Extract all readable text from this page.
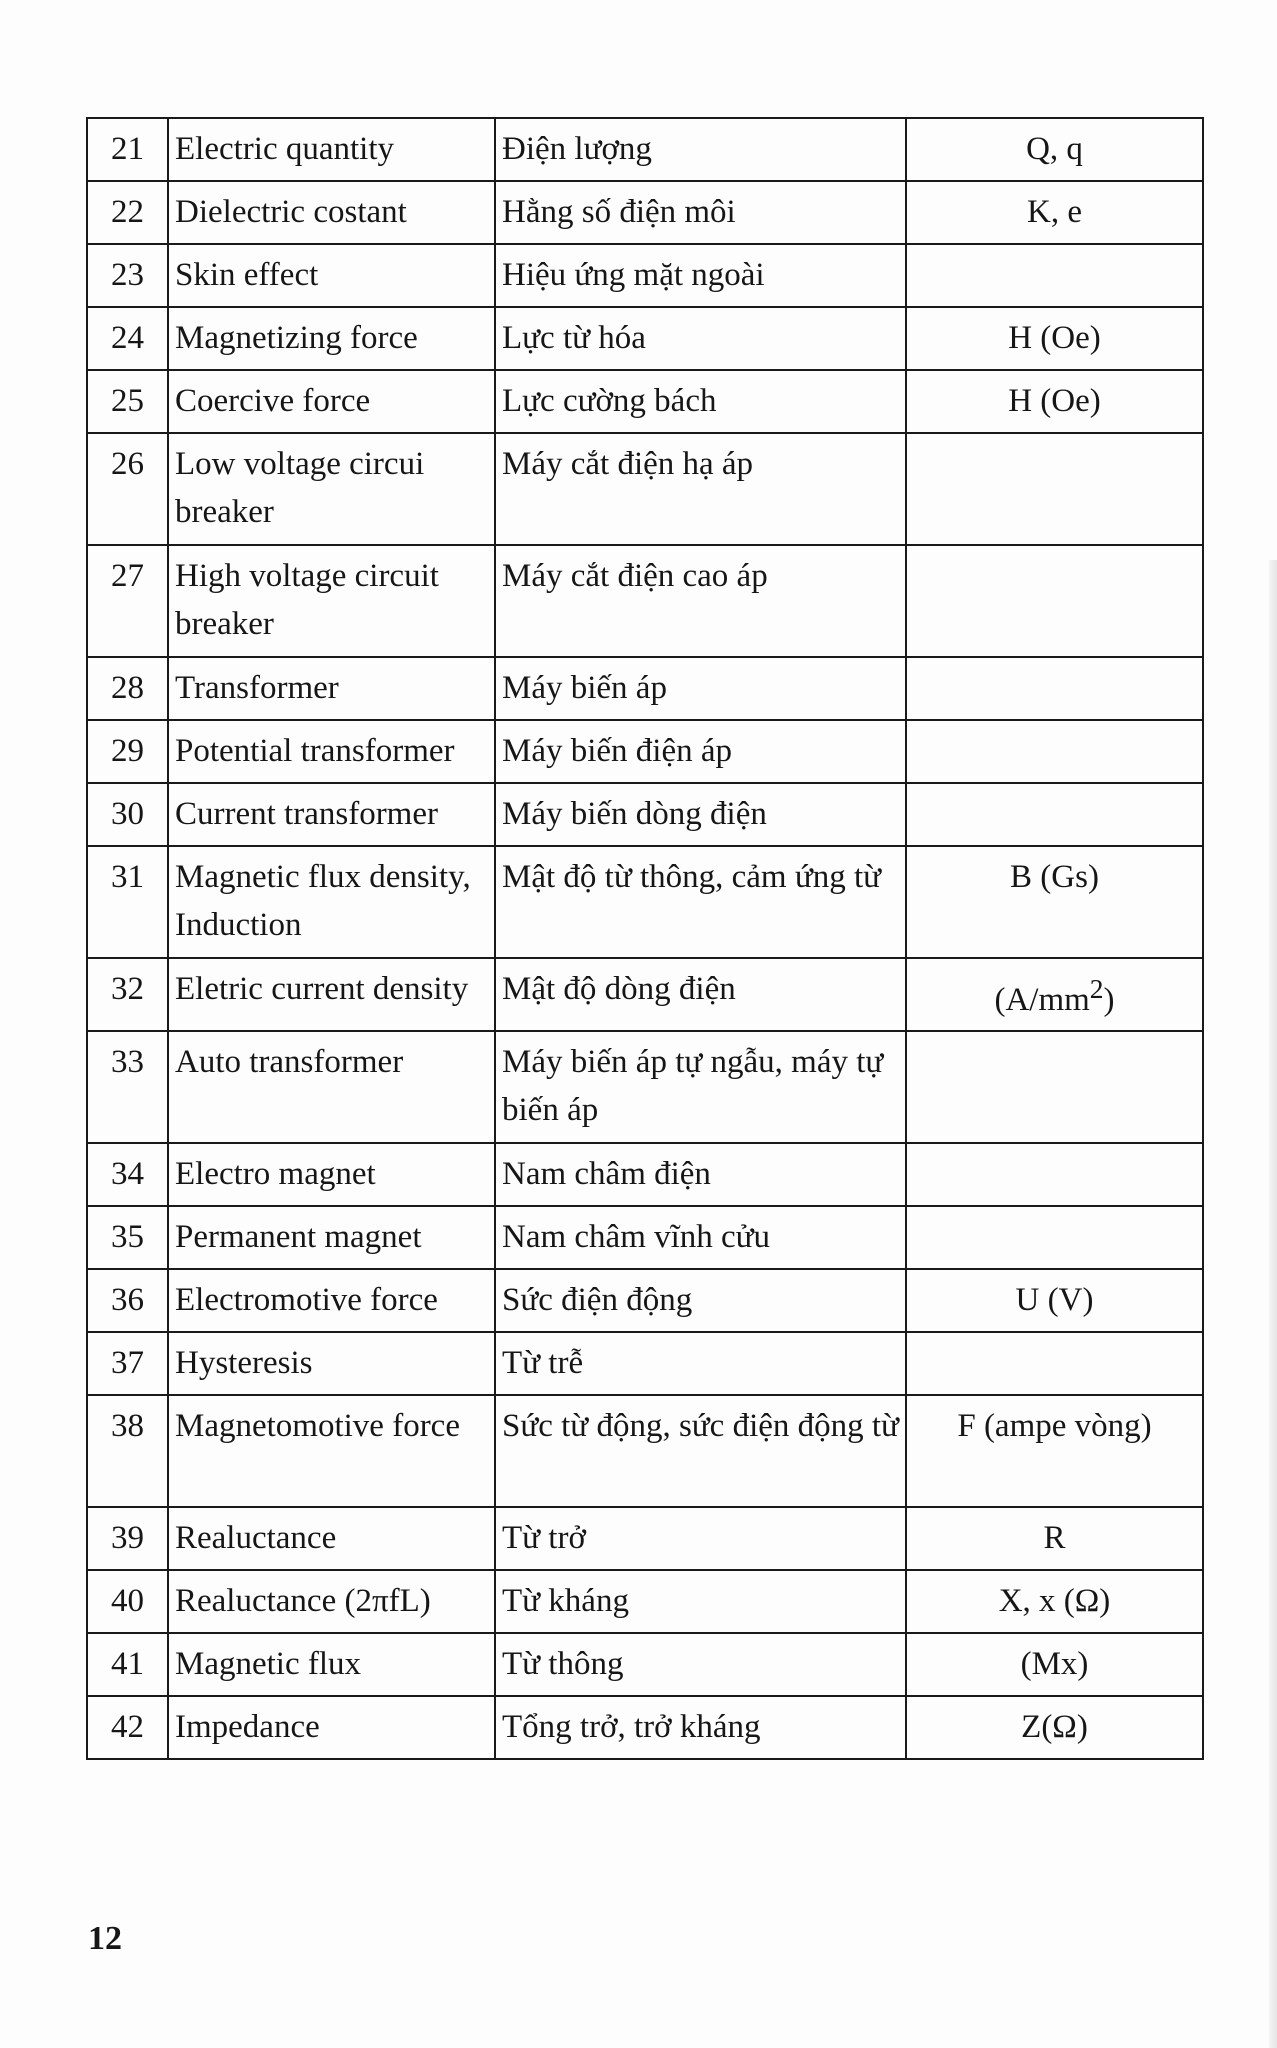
21	Electric quantity	Điện lượng	Q, q
22	Dielectric costant	Hằng số điện môi	K, e
23	Skin effect	Hiệu ứng mặt ngoài	
24	Magnetizing force	Lực từ hóa	H (Oe)
25	Coercive force	Lực cường bách	H (Oe)
26	Low voltage circui breaker	Máy cắt điện hạ áp	
27	High voltage circuit breaker	Máy cắt điện cao áp	
28	Transformer	Máy biến áp	
29	Potential transformer	Máy biến điện áp	
30	Current transformer	Máy biến dòng điện	
31	Magnetic flux density, Induction	Mật độ từ thông, cảm ứng từ	B (Gs)
32	Eletric current density	Mật độ dòng điện	$(A/mm^2)$
33	Auto transformer	Máy biến áp tự ngẫu, máy tự biến áp	
34	Electro magnet	Nam châm điện	
35	Permanent magnet	Nam châm vĩnh cửu	
36	Electromotive force	Sức điện động	U (V)
37	Hysteresis	Từ trễ	
38	Magnetomotive force	Sức từ động, sức điện động từ	F (ampe vòng)
39	Realuctance	Từ trở	R
40	Realuctance (2πfL)	Từ kháng	X, x (Ω)
41	Magnetic flux	Từ thông	(Mx)
42	Impedance	Tổng trở, trở kháng	Z(Ω)
12
